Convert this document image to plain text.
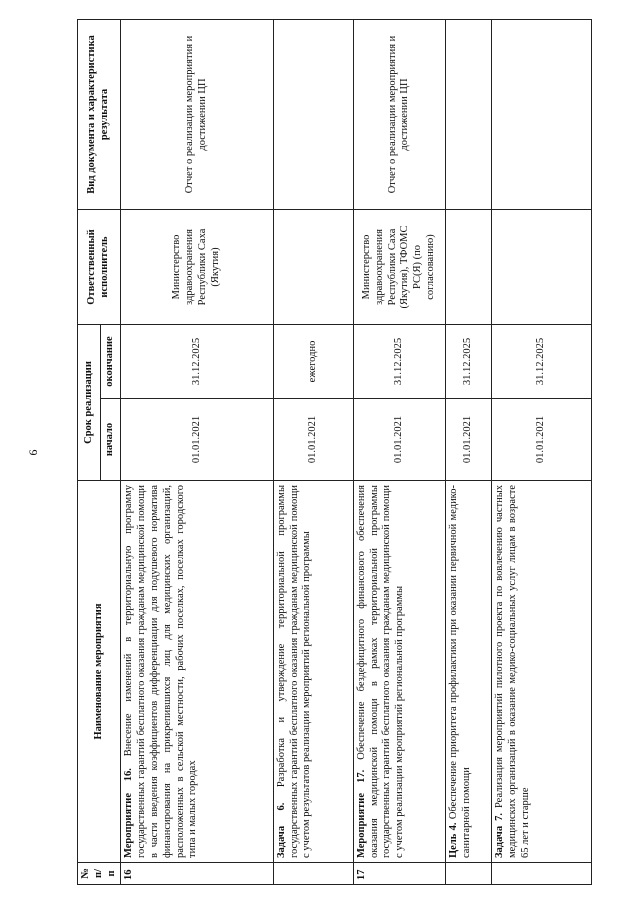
9
№ п/п	Наименование мероприятия	Срок реализации		Ответственный исполнитель	Вид документа и характеристика результата
		начало	окончание		
16	Мероприятие 16. Внесение изменений в территориальную программу государственных гарантий бесплатного оказания гражданам медицинской помощи в части введения коэффициентов дифференциации для подушевого норматива финансирования на прикрепившихся лиц для медицинских организаций, расположенных в сельской местности, рабочих поселках, поселках городского типа и малых городах	01.01.2021	31.12.2025	Министерство здравоохранения Республики Саха (Якутия)	Отчет о реализации мероприятия и достижении ЦП
	Задача 6. Разработка и утверждение территориальной программы государственных гарантий бесплатного оказания гражданам медицинской помощи с учетом результатов реализации мероприятий региональной программы	01.01.2021	ежегодно		
17	Мероприятие 17. Обеспечение бездефицитного финансового обеспечения оказания медицинской помощи в рамках территориальной программы государственных гарантий бесплатного оказания гражданам медицинской помощи с учетом реализации мероприятий региональной программы	01.01.2021	31.12.2025	Министерство здравоохранения Республики Саха (Якутия), ТФОМС РС(Я) (по согласованию)	Отчет о реализации мероприятия и достижении ЦП
	Цель 4. Обеспечение приоритета профилактики при оказании первичной медико-санитарной помощи	01.01.2021	31.12.2025		
	Задача 7. Реализация мероприятий пилотного проекта по вовлечению частных медицинских организаций в оказание медико-социальных услуг лицам в возрасте 65 лет и старше	01.01.2021	31.12.2025		
